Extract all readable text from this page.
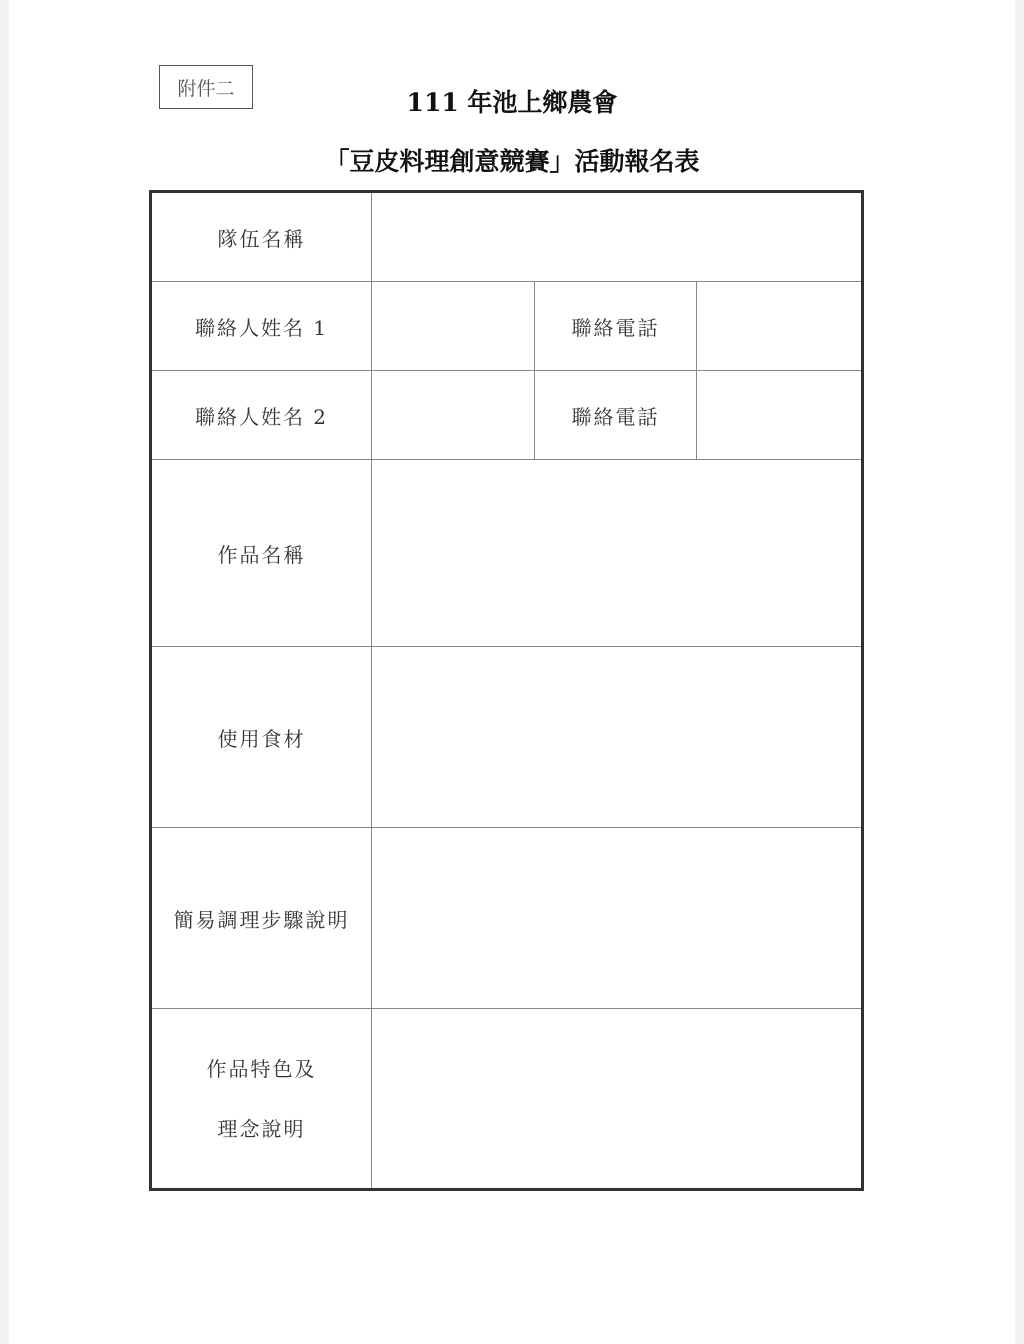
附件二	111 年池上鄉農會
「豆皮料理創意競賽」活動報名表
隊伍名稱			
聯絡人姓名 1		聯絡電話	
聯絡人姓名 2		聯絡電話	
作品名稱			
使用食材			
簡易調理步驟說明			

作品特色及
理念說明			
